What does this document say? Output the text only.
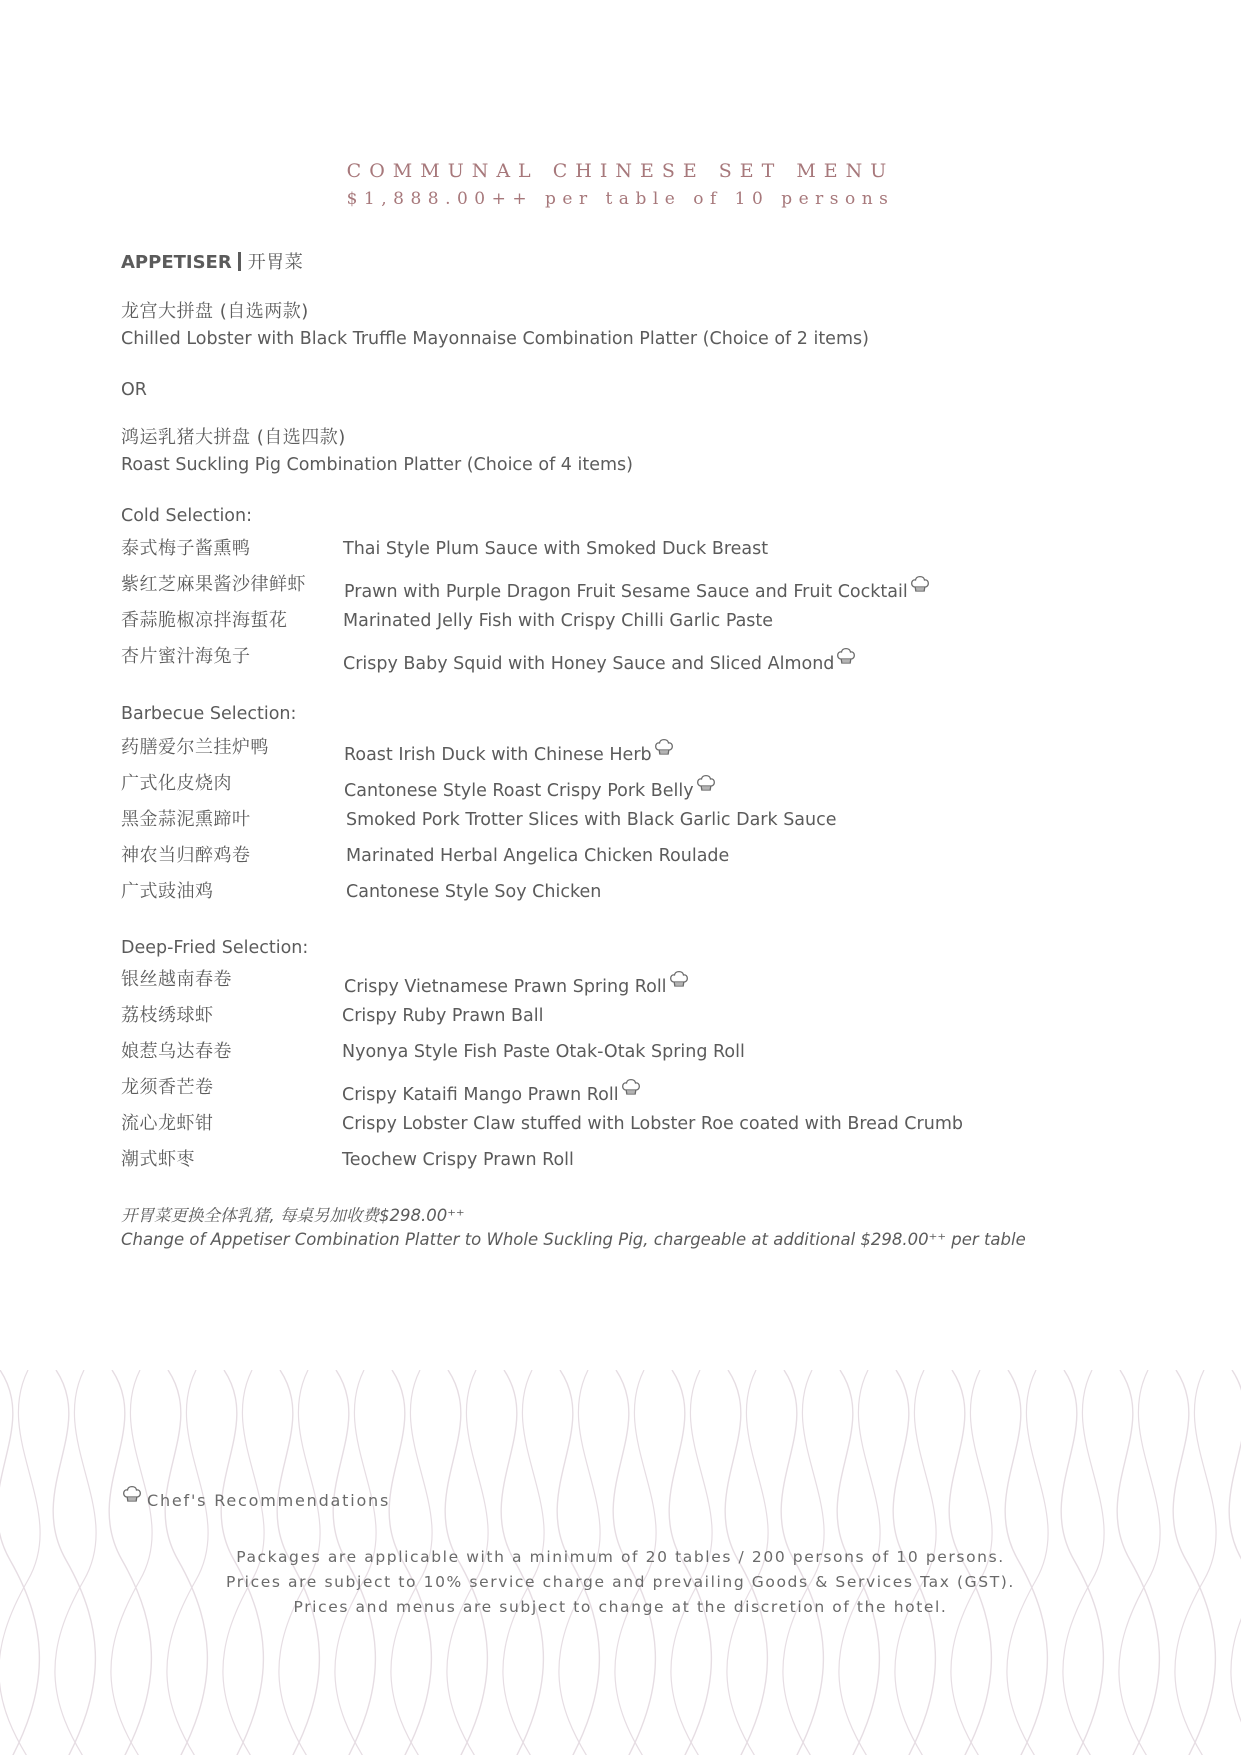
COMMUNAL CHINESE SET MENU
$1,888.00++ per table of 10 persons
APPETISER 开胃菜
龙宫大拼盘 (自选两款)
Chilled Lobster with Black Truffle Mayonnaise Combination Platter (Choice of 2 items)
OR
鸿运乳猪大拼盘 (自选四款)
Roast Suckling Pig Combination Platter (Choice of 4 items)
Cold Selection:
泰式梅子酱熏鸭	Thai Style Plum Sauce with Smoked Duck Breast
紫红芝麻果酱沙律鲜虾 Prawn with Purple Dragon Fruit Sesame Sauce and Fruit Cocktail
香蒜脆椒凉拌海蜇花	Marinated Jelly Fish with Crispy Chilli Garlic Paste
杏片蜜汁海兔子	Crispy Baby Squid with Honey Sauce and Sliced Almond
Barbecue Selection:
药膳爱尔兰挂炉鸭	Roast Irish Duck with Chinese Herb
广式化皮烧肉	Cantonese Style Roast Crispy Pork Belly
黑金蒜泥熏蹄叶	Smoked Pork Trotter Slices with Black Garlic Dark Sauce
神农当归醉鸡卷	Marinated Herbal Angelica Chicken Roulade
广式豉油鸡	Cantonese Style Soy Chicken
Deep-Fried Selection:
银丝越南春卷	Crispy Vietnamese Prawn Spring Roll
荔枝绣球虾	Crispy Ruby Prawn Ball
娘惹乌达春卷	Nyonya Style Fish Paste Otak-Otak Spring Roll
龙须香芒卷	Crispy Kataifi Mango Prawn Roll
流心龙虾钳	Crispy Lobster Claw stuffed with Lobster Roe coated with Bread Crumb
潮式虾枣	Teochew Crispy Prawn Roll
开胃菜更换全体乳猪, 每桌另加收费$298.00⁺⁺
Change of Appetiser Combination Platter to Whole Suckling Pig, chargeable at additional $298.00⁺⁺ per table
Chef's Recommendations
Packages are applicable with a minimum of 20 tables / 200 persons of 10 persons.
Prices are subject to 10% service charge and prevailing Goods & Services Tax (GST).
Prices and menus are subject to change at the discretion of the hotel.
